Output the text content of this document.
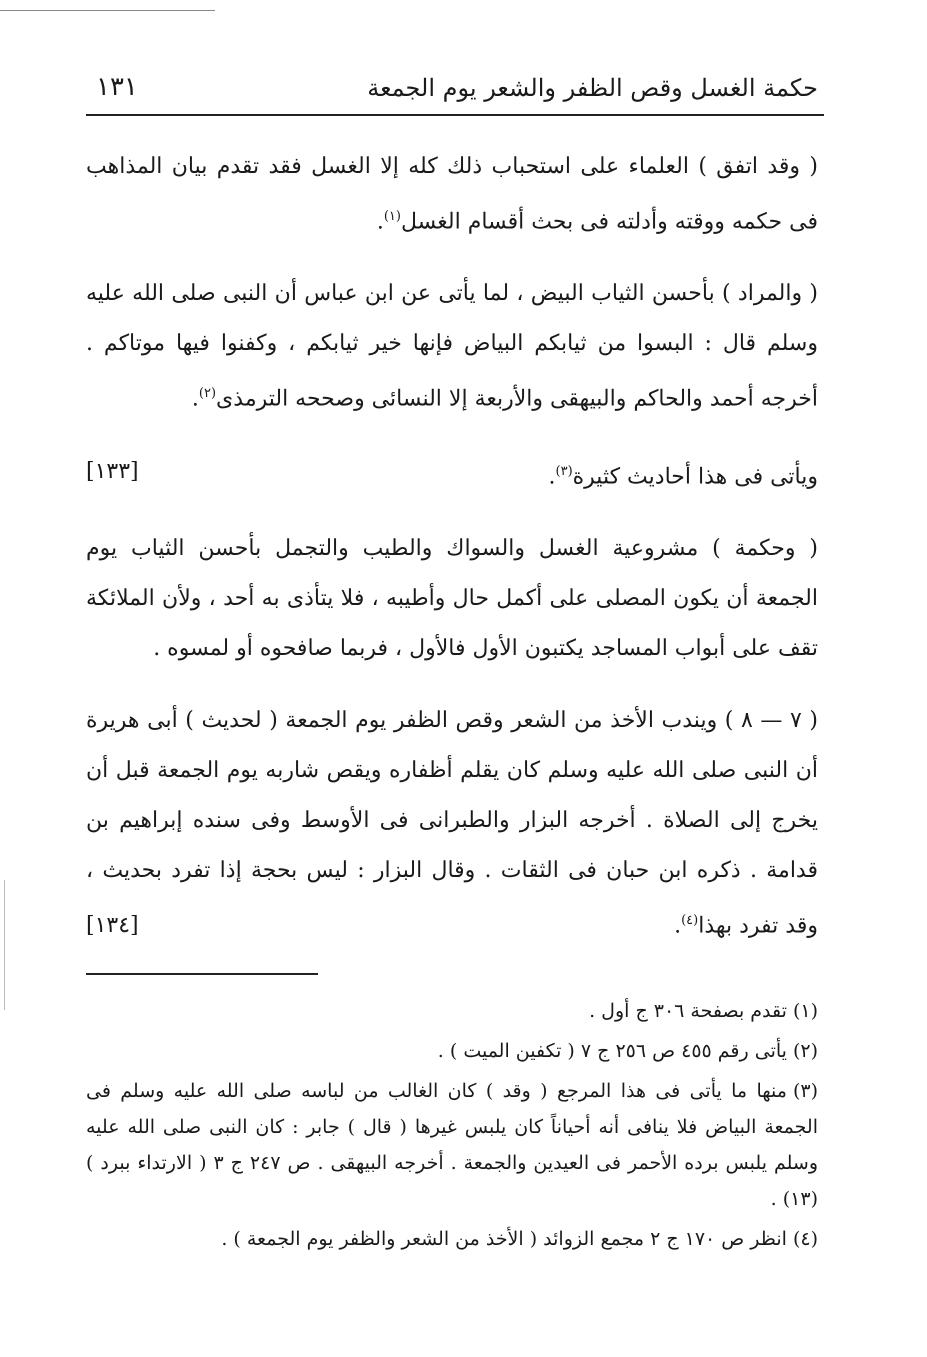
حكمة الغسل وقص الظفر والشعر يوم الجمعة
١٣١

( وقد اتفق ) العلماء على استحباب ذلك كله إلا الغسل فقد تقدم بيان المذاهب فى حكمه ووقته وأدلته فى بحث أقسام الغسل$^{(١)}$.

( والمراد ) بأحسن الثياب البيض ، لما يأتى عن ابن عباس أن النبى صلى الله عليه وسلم قال : البسوا من ثيابكم البياض فإنها خير ثيابكم ، وكفنوا فيها موتاكم . أخرجه أحمد والحاكم والبيهقى والأربعة إلا النسائى وصححه الترمذى$^{(٢)}$.

ويأتى فى هذا أحاديث كثيرة$^{(٣)}$.
[١٣٣]

( وحكمة ) مشروعية الغسل والسواك والطيب والتجمل بأحسن الثياب يوم الجمعة أن يكون المصلى على أكمل حال وأطيبه ، فلا يتأذى به أحد ، ولأن الملائكة تقف على أبواب المساجد يكتبون الأول فالأول ، فربما صافحوه أو لمسوه .

( ٧ — ٨ ) ويندب الأخذ من الشعر وقص الظفر يوم الجمعة ( لحديث ) أبى هريرة أن النبى صلى الله عليه وسلم كان يقلم أظفاره ويقص شاربه يوم الجمعة قبل أن يخرج إلى الصلاة . أخرجه البزار والطبرانى فى الأوسط وفى سنده إبراهيم بن قدامة . ذكره ابن حبان فى الثقات . وقال البزار : ليس بحجة إذا تفرد بحديث ، وقد تفرد بهذا$^{(٤)}$.
[١٣٤]

(١)تقدم بصفحة ٣٠٦ ج أول .

(٢)يأتى رقم ٤٥٥ ص ٢٥٦ ج ٧ ( تكفين الميت ) .

(٣)منها ما يأتى فى هذا المرجع ( وقد ) كان الغالب من لباسه صلى الله عليه وسلم فى الجمعة البياض فلا ينافى أنه أحياناً كان يلبس غيرها ( قال ) جابر : كان النبى صلى الله عليه وسلم يلبس برده الأحمر فى العيدين والجمعة . أخرجه البيهقى . ص ٢٤٧ ج ٣ ( الارتداء ببرد ) (١٣) .

(٤)انظر ص ١٧٠ ج ٢ مجمع الزوائد ( الأخذ من الشعر والظفر يوم الجمعة ) .
